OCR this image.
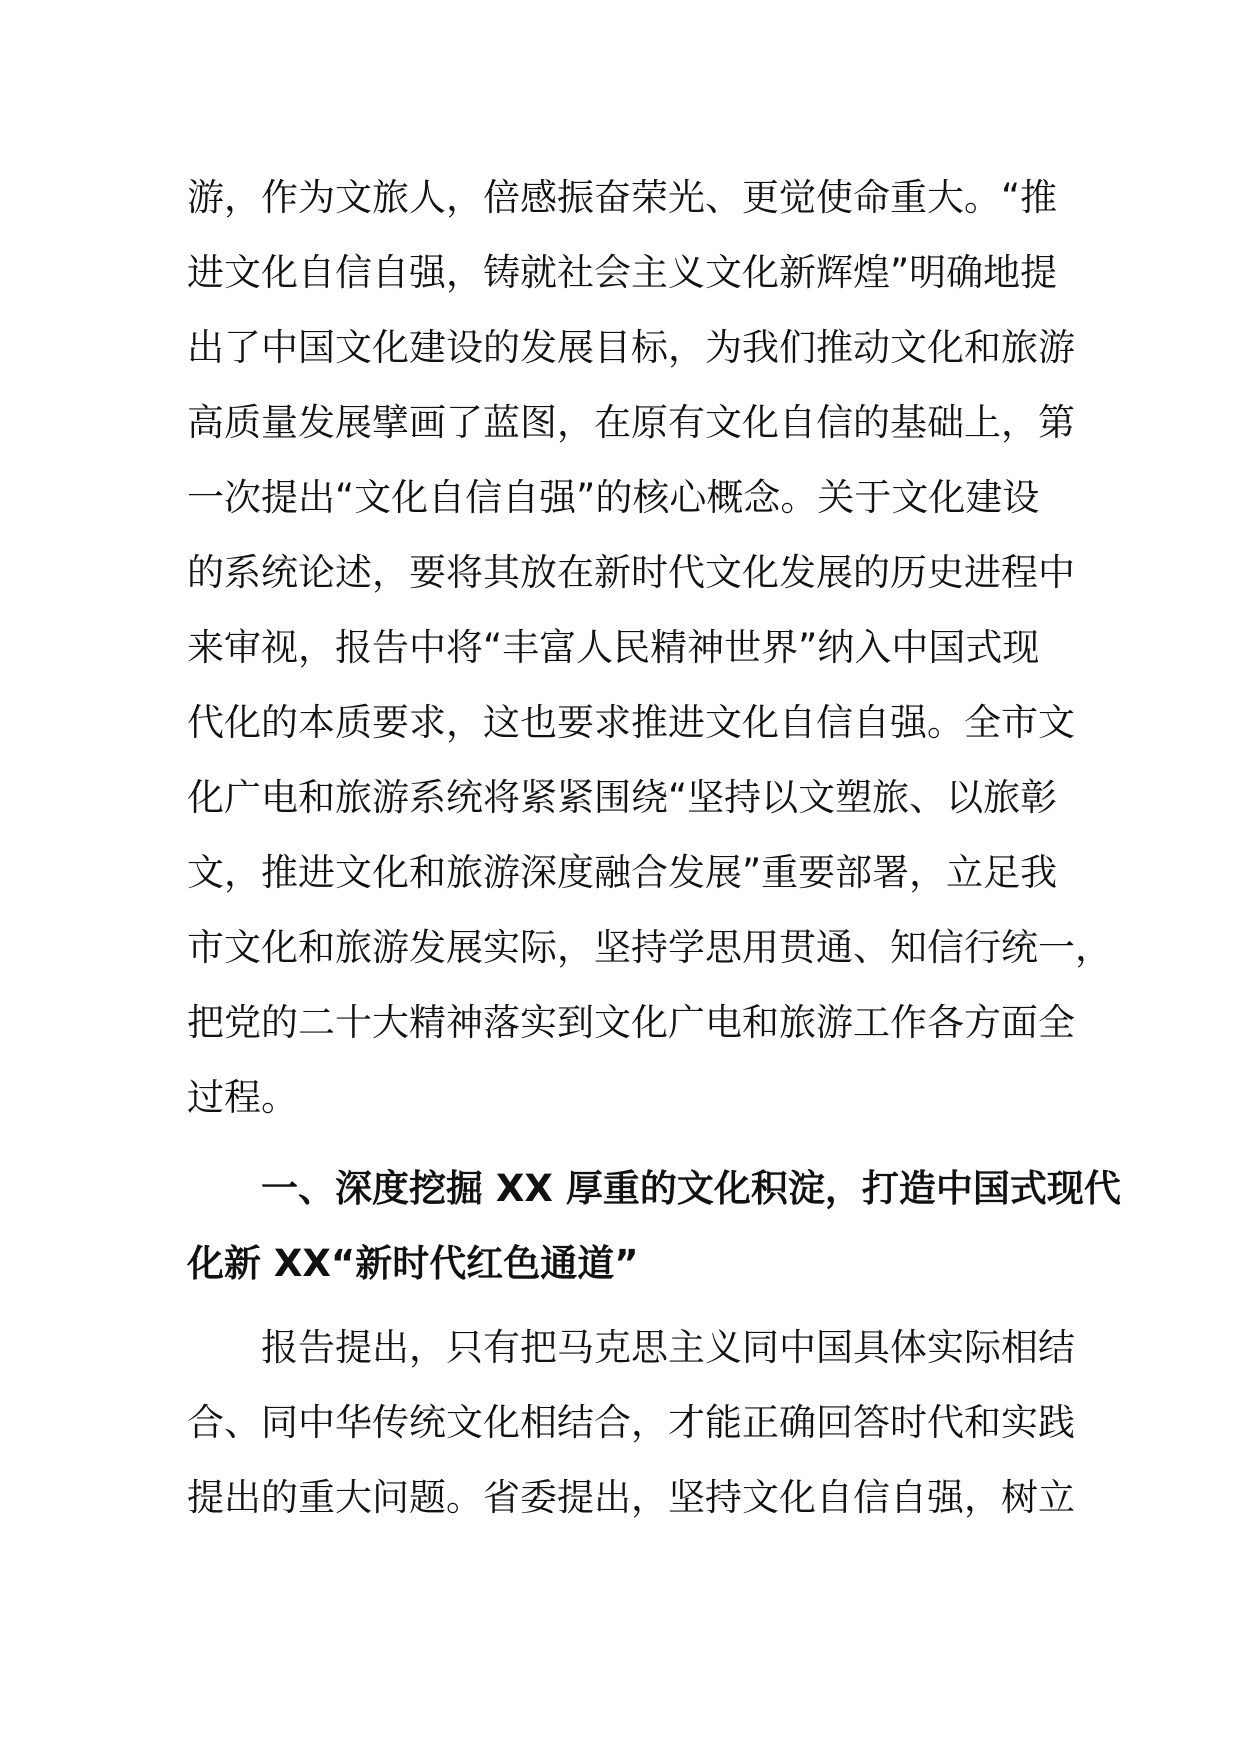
游，作为文旅人，倍感振奋荣光、更觉使命重大。“推
进文化自信自强，铸就社会主义文化新辉煌”明确地提
出了中国文化建设的发展目标，为我们推动文化和旅游
高质量发展擘画了蓝图，在原有文化自信的基础上，第
一次提出“文化自信自强”的核心概念。关于文化建设
的系统论述，要将其放在新时代文化发展的历史进程中
来审视，报告中将“丰富人民精神世界”纳入中国式现
代化的本质要求，这也要求推进文化自信自强。全市文
化广电和旅游系统将紧紧围绕“坚持以文塑旅、以旅彰
文，推进文化和旅游深度融合发展”重要部署，立足我
市文化和旅游发展实际，坚持学思用贯通、知信行统一，
把党的二十大精神落实到文化广电和旅游工作各方面全
过程。
一、深度挖掘 XX 厚重的文化积淀，打造中国式现代
化新 XX“新时代红色通道”
报告提出，只有把马克思主义同中国具体实际相结
合、同中华传统文化相结合，才能正确回答时代和实践
提出的重大问题。省委提出，坚持文化自信自强，树立
